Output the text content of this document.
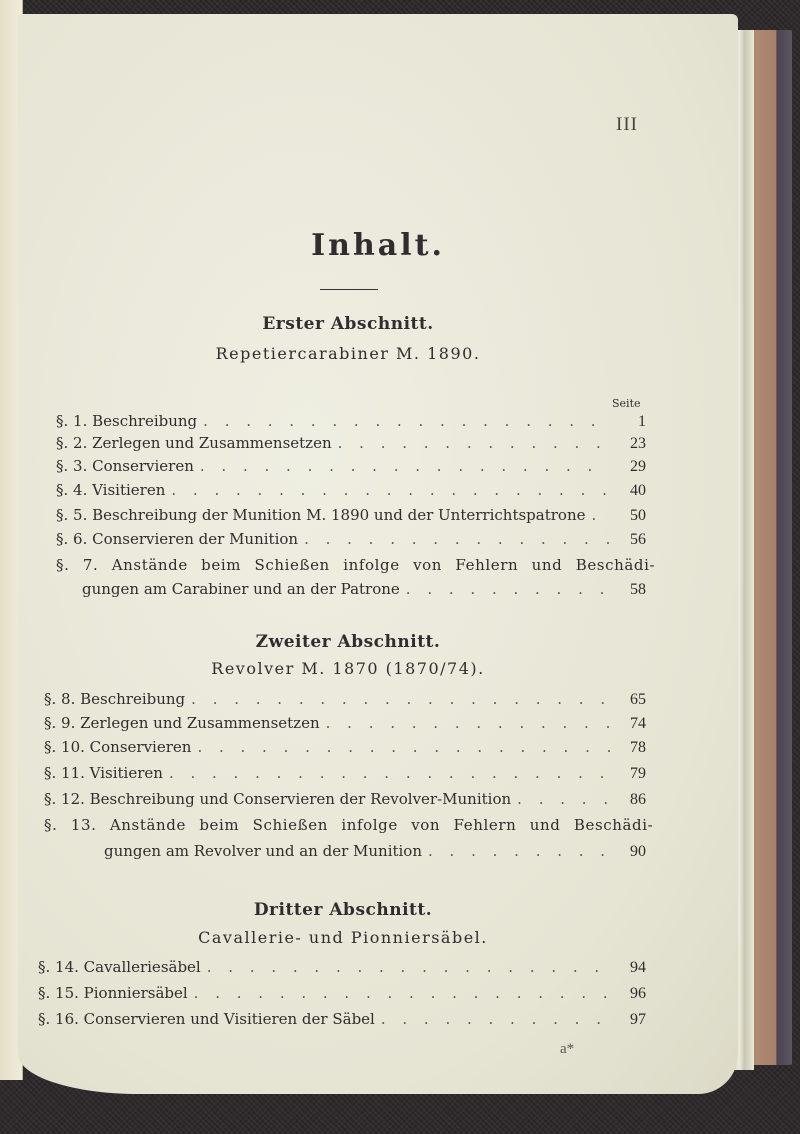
III
Inhalt.
Erster Abschnitt.
Repetiercarabiner M. 1890.
Seite
§. 1. Beschreibung . . .	1
§. 2. Zerlegen und Zusammensetzen . . .	23
§. 3. Conservieren . . .	29
§. 4. Visitieren . . .	40
§. 5. Beschreibung der Munition M. 1890 und der Unterrichtspatrone . . .	50
§. 6. Conservieren der Munition . . .	56
§. 7. Anstände beim Schießen infolge von Fehlern und Beschädi-
gungen am Carabiner und an der Patrone . . .	58
Zweiter Abschnitt.
Revolver M. 1870 (1870/74).
§. 8. Beschreibung . . .	65
§. 9. Zerlegen und Zusammensetzen . . .	74
§. 10. Conservieren . . .	78
§. 11. Visitieren . . .	79
§. 12. Beschreibung und Conservieren der Revolver-Munition . . .	86
§. 13. Anstände beim Schießen infolge von Fehlern und Beschädi-
gungen am Revolver und an der Munition . . .	90
Dritter Abschnitt.
Cavallerie- und Pionniersäbel.
§. 14. Cavalleriesäbel . . .	94
§. 15. Pionniersäbel . . .	96
§. 16. Conservieren und Visitieren der Säbel . . .	97
a*
